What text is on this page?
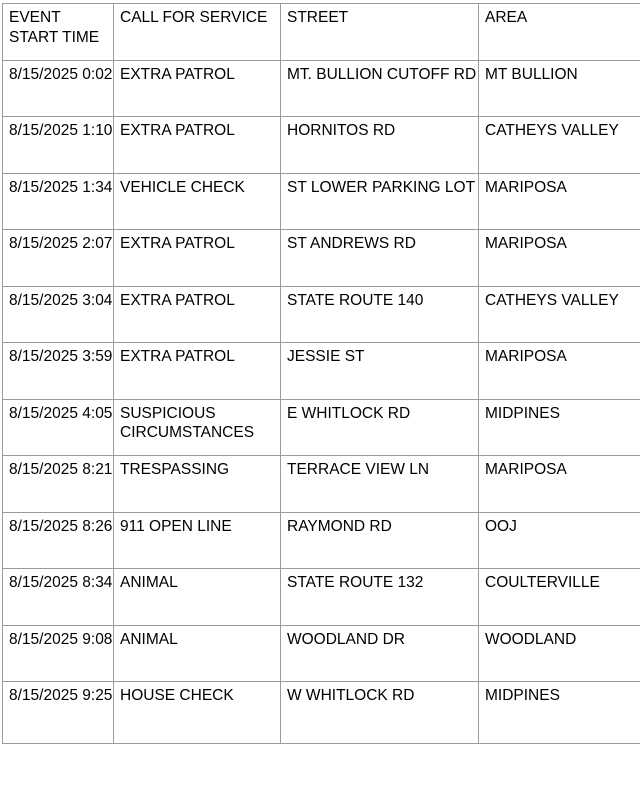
EVENT START TIME	CALL FOR SERVICE	STREET	AREA
8/15/2025 0:02	EXTRA PATROL	MT. BULLION CUTOFF RD	MT BULLION
8/15/2025 1:10	EXTRA PATROL	HORNITOS RD	CATHEYS VALLEY
8/15/2025 1:34	VEHICLE CHECK	ST LOWER PARKING LOT	MARIPOSA
8/15/2025 2:07	EXTRA PATROL	ST ANDREWS RD	MARIPOSA
8/15/2025 3:04	EXTRA PATROL	STATE ROUTE 140	CATHEYS VALLEY
8/15/2025 3:59	EXTRA PATROL	JESSIE ST	MARIPOSA
8/15/2025 4:05	SUSPICIOUS CIRCUMSTANCES	E WHITLOCK RD	MIDPINES
8/15/2025 8:21	TRESPASSING	TERRACE VIEW LN	MARIPOSA
8/15/2025 8:26	911 OPEN LINE	RAYMOND RD	OOJ
8/15/2025 8:34	ANIMAL	STATE ROUTE 132	COULTERVILLE
8/15/2025 9:08	ANIMAL	WOODLAND DR	WOODLAND
8/15/2025 9:25	HOUSE CHECK	W WHITLOCK RD	MIDPINES
